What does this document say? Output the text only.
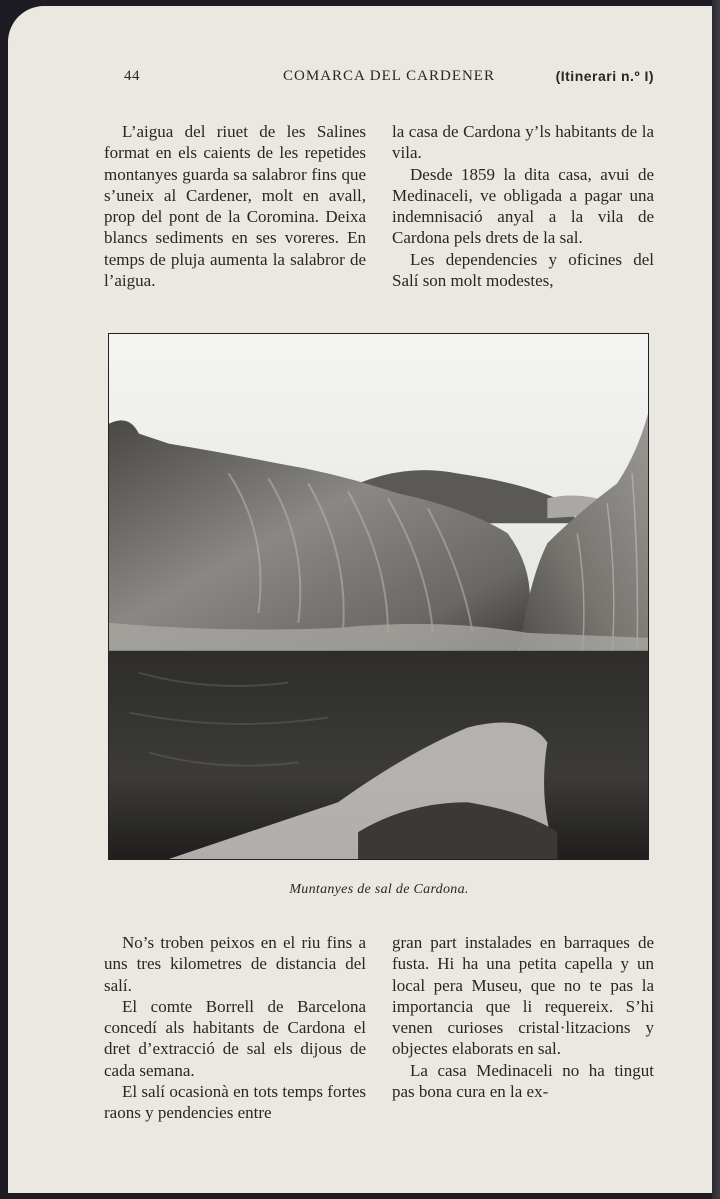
44	COMARCA DEL CARDENER	(Itinerari n.º I)

L’aigua del riuet de les Salines format en els caients de les repetides montanyes guarda sa salabror fins que s’uneix al Cardener, molt en avall, prop del pont de la Coromina. Deixa blancs sediments en ses voreres. En temps de pluja aumenta la salabror de l’aigua.

la casa de Cardona y’ls habitants de la vila.

Desde 1859 la dita casa, avui de Medinaceli, ve obligada a pagar una indemnisació anyal a la vila de Cardona pels drets de la sal.

Les dependencies y oficines del Salí son molt modestes,

Muntanyes de sal de Cardona.

No’s troben peixos en el riu fins a uns tres kilometres de distancia del salí.

El comte Borrell de Barcelona concedí als habitants de Cardona el dret d’extracció de sal els dijous de cada semana.

El salí ocasionà en tots temps fortes raons y pendencies entre

gran part instalades en barraques de fusta. Hi ha una petita capella y un local pera Museu, que no te pas la importancia que li requereix. S’hi venen curioses cristal·litzacions y objectes elaborats en sal.

La casa Medinaceli no ha tingut pas bona cura en la ex-
